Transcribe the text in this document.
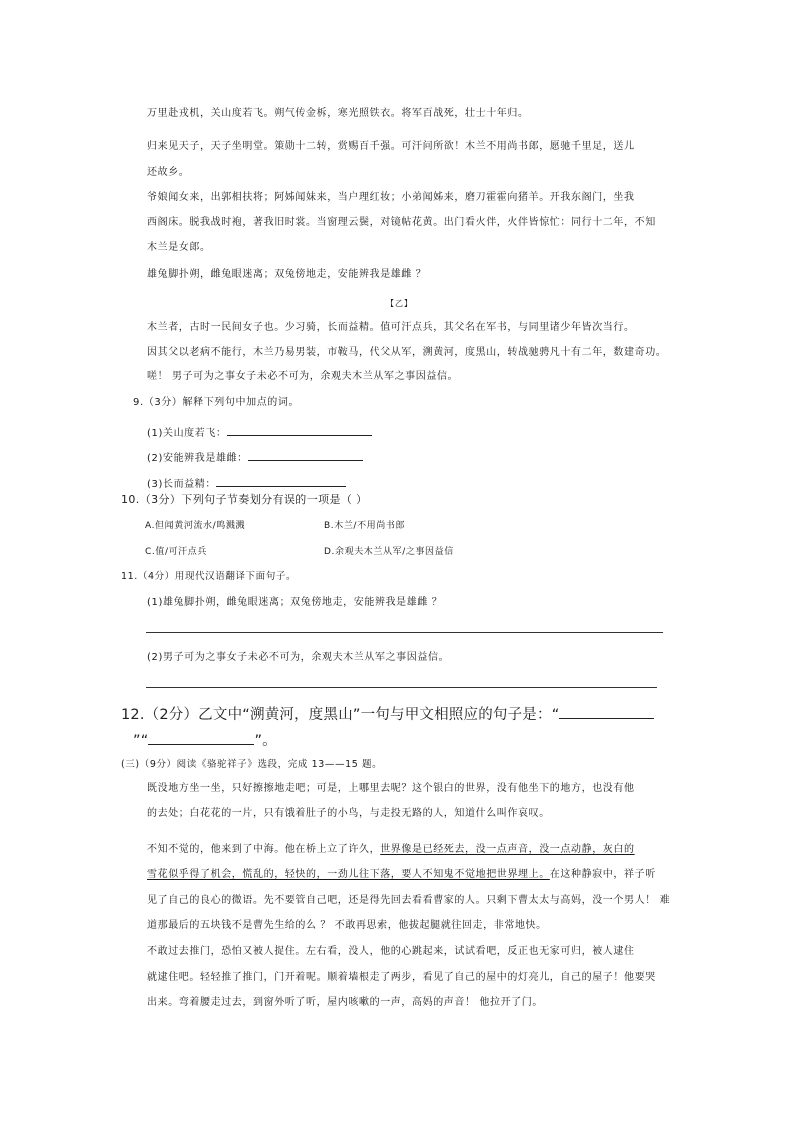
万里赴戎机，关山度若飞。朔气传金柝，寒光照铁衣。将军百战死，壮士十年归。
归来见天子，天子坐明堂。策勋十二转，赏赐百千强。可汗问所欲！木兰不用尚书郎，愿驰千里足，送儿
还故乡。
爷娘闻女来，出郭相扶将；阿姊闻妹来，当户理红妆；小弟闻姊来，磨刀霍霍向猪羊。开我东阁门，坐我
西阁床。脱我战时袍，著我旧时裳。当窗理云鬓，对镜帖花黄。出门看火伴，火伴皆惊忙：同行十二年，不知
木兰是女郎。
雄兔脚扑朔，雌兔眼迷离；双兔傍地走，安能辨我是雄雌 ？
【乙】
木兰者，古时一民间女子也。少习骑，长而益精。值可汗点兵，其父名在军书，与同里诸少年皆次当行。
因其父以老病不能行，木兰乃易男装，市鞍马，代父从军，溯黄河，度黑山，转战驰骋凡十有二年，数建奇功。
嗟！ 男子可为之事女子未必不可为，余观夫木兰从军之事因益信。
9.（3分）解释下列句中加点的词。
(1)关山度若飞：
(2)安能辨我是雄雌：
(3)长而益精：
10.（3分）下列句子节奏划分有误的一项是（ ）
A.但闻黄河流水/鸣溅溅	B.木兰/不用尚书郎
C.值/可汗点兵	D.余观夫木兰从军/之事因益信
11.（4分）用现代汉语翻译下面句子。
(1)雄兔脚扑朔，雌兔眼迷离；双兔傍地走，安能辨我是雄雌 ？
(2)男子可为之事女子未必不可为，余观夫木兰从军之事因益信。
12.（2分）乙文中“溯黄河，度黑山”一句与甲文相照应的句子是：“
”“	”。
(三)（9分）阅读《骆驼祥子》选段，完成 13——15 题。
既没地方坐一坐，只好擦擦地走吧；可是，上哪里去呢？这个银白的世界，没有他坐下的地方，也没有他
的去处；白花花的一片，只有饿着肚子的小鸟，与走投无路的人，知道什么叫作哀叹。
不知不觉的，他来到了中海。他在桥上立了许久，世界像是已经死去，没一点声音，没一点动静，灰白的
雪花似乎得了机会，慌乱的，轻快的，一劲儿往下落，要人不知鬼不觉地把世界埋上。在这种静寂中，祥子听
见了自己的良心的微语。先不要管自己吧，还是得先回去看看曹家的人。只剩下曹太太与高妈，没一个男人！ 难
道那最后的五块钱不是曹先生给的么 ？ 不敢再思索，他拔起腿就往回走，非常地快。
不敢过去推门，恐怕又被人捉住。左右看，没人，他的心跳起来，试试看吧，反正也无家可归，被人逮住
就逮住吧。轻轻推了推门，门开着呢。顺着墙根走了两步，看见了自己的屋中的灯亮儿，自己的屋子！他要哭
出来。弯着腰走过去，到窗外听了听，屋内咳嗽的一声，高妈的声音！ 他拉开了门。
